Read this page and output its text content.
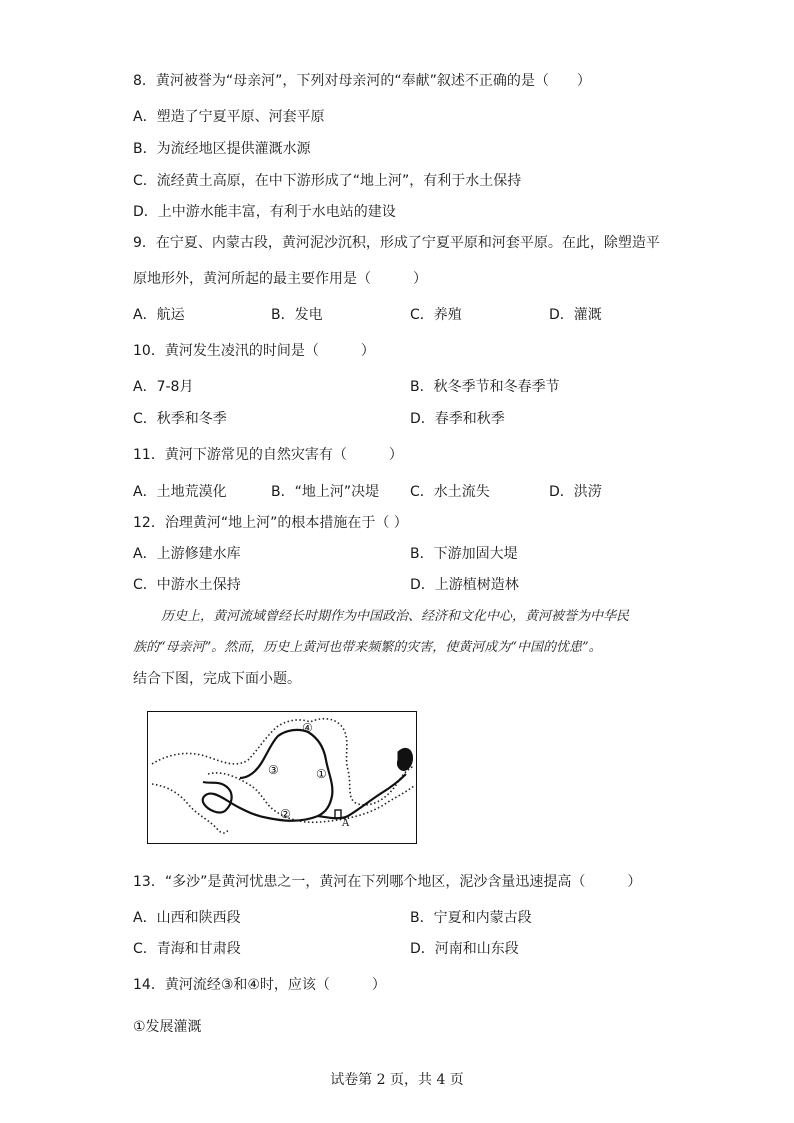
8．黄河被誉为“母亲河”，下列对母亲河的“奉献”叙述不正确的是（　　）
A．塑造了宁夏平原、河套平原
B．为流经地区提供灌溉水源
C．流经黄土高原，在中下游形成了“地上河”，有利于水土保持
D．上中游水能丰富，有利于水电站的建设
9．在宁夏、内蒙古段，黄河泥沙沉积，形成了宁夏平原和河套平原。在此，除塑造平
原地形外，黄河所起的最主要作用是（　　　）
A．航运	B．发电	C．养殖	D．灌溉
10．黄河发生凌汛的时间是（　　　）
A．7-8月	B．秋冬季节和冬春季节
C．秋季和冬季	D．春季和秋季
11．黄河下游常见的自然灾害有（　　　）
A．土地荒漠化	B．“地上河”决堤 C．水土流失	D．洪涝
12．治理黄河“地上河”的根本措施在于（ ）
A．上游修建水库	B．下游加固大堤
C．中游水土保持	D．上游植树造林
历史上，黄河流域曾经长时期作为中国政治、经济和文化中心，黄河被誉为中华民
族的“母亲河”。然而，历史上黄河也带来频繁的灾害，使黄河成为“中国的忧患”。
结合下图，完成下面小题。
④
③	①
②
A
13．“多沙”是黄河忧患之一，黄河在下列哪个地区，泥沙含量迅速提高（　　　）
A．山西和陕西段	B．宁夏和内蒙古段
C．青海和甘肃段	D．河南和山东段
14．黄河流经③和④时，应该（　　　）
①发展灌溉
试卷第 2 页，共 4 页
